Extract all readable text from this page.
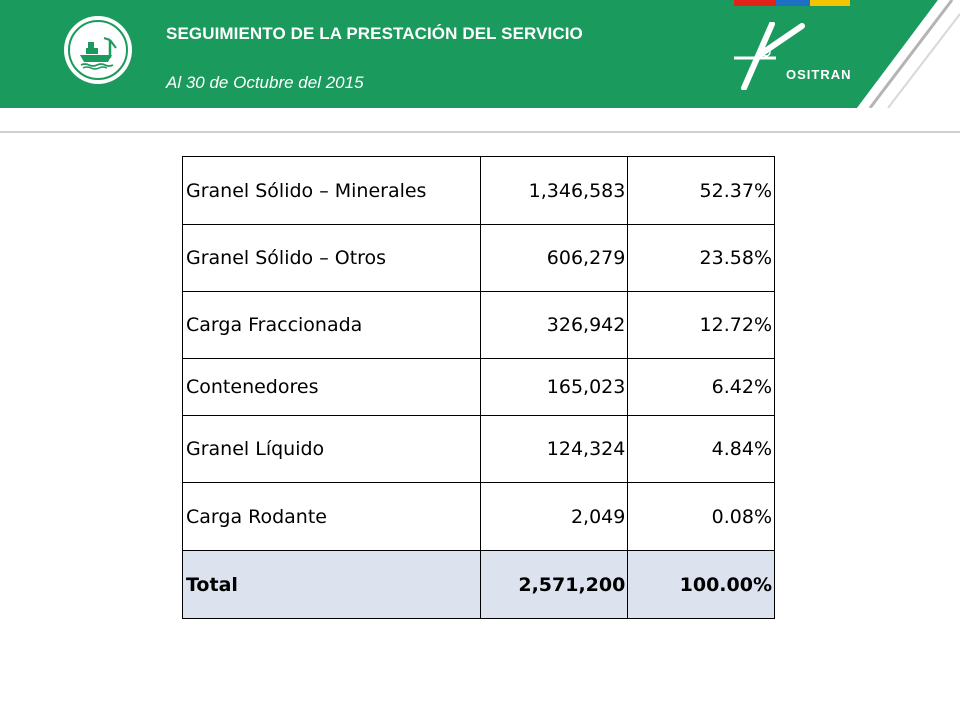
SEGUIMIENTO DE LA PRESTACIÓN DEL SERVICIO
Al 30 de Octubre del 2015	OSITRAN
Granel Sólido – Minerales	1,346,583	52.37%
Granel Sólido – Otros	606,279	23.58%
Carga Fraccionada	326,942	12.72%
Contenedores	165,023	6.42%
Granel Líquido	124,324	4.84%
Carga Rodante	2,049	0.08%
Total	2,571,200	100.00%
